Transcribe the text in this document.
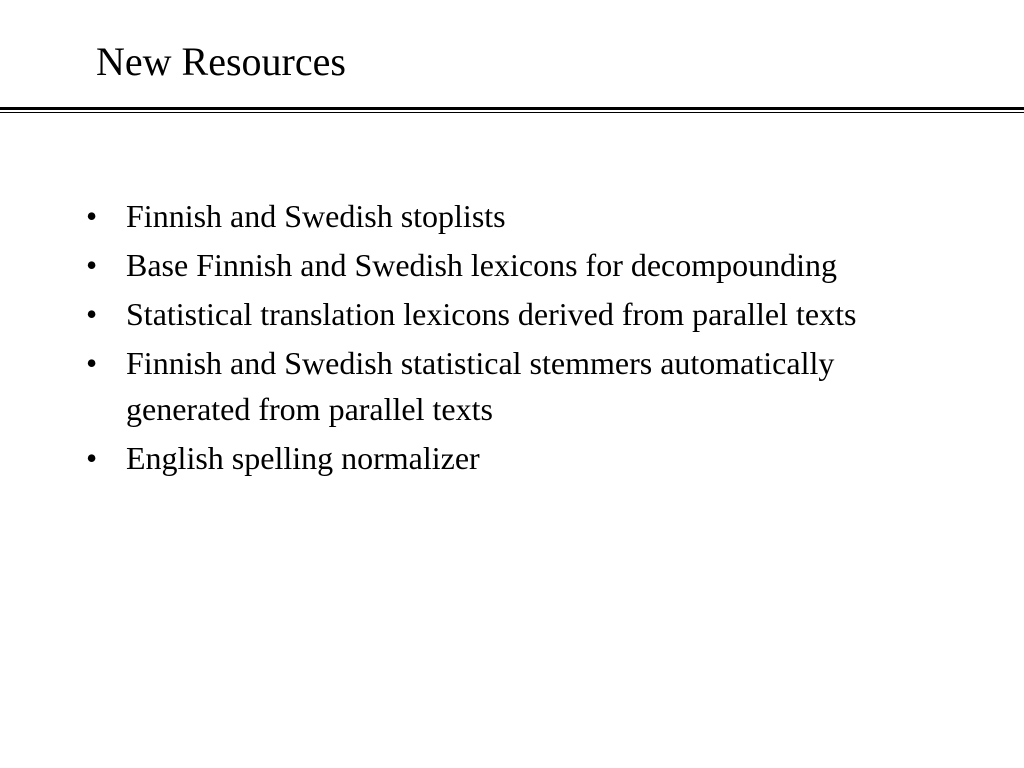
New Resources
• Finnish and Swedish stoplists
• Base Finnish and Swedish lexicons for decompounding
• Statistical translation lexicons derived from parallel texts
• Finnish and Swedish statistical stemmers automatically generated from parallel texts
• English spelling normalizer
